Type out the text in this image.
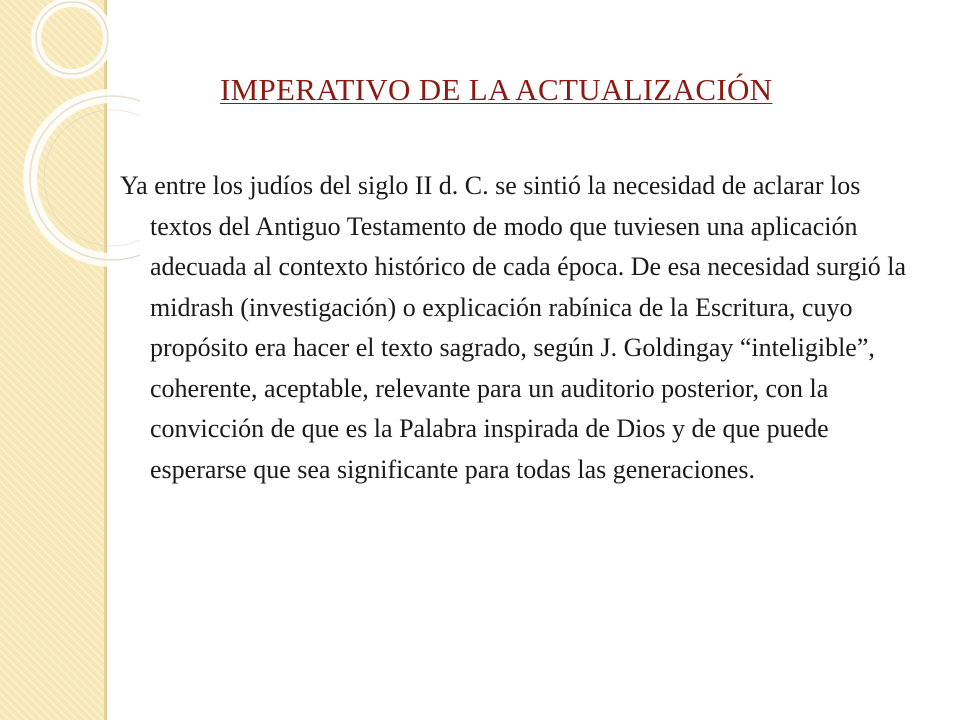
IMPERATIVO DE LA ACTUALIZACIÓN

Ya entre los judíos del siglo II d. C. se sintió la necesidad de aclarar los textos del Antiguo Testamento de modo que tuviesen una aplicación adecuada al contexto histórico de cada época. De esa necesidad surgió la midrash (investigación) o explicación rabínica de la Escritura, cuyo propósito era hacer el texto sagrado, según J. Goldingay “inteligible”, coherente, aceptable, relevante para un auditorio posterior, con la convicción de que es la Palabra inspirada de Dios y de que puede esperarse que sea significante para todas las generaciones.
